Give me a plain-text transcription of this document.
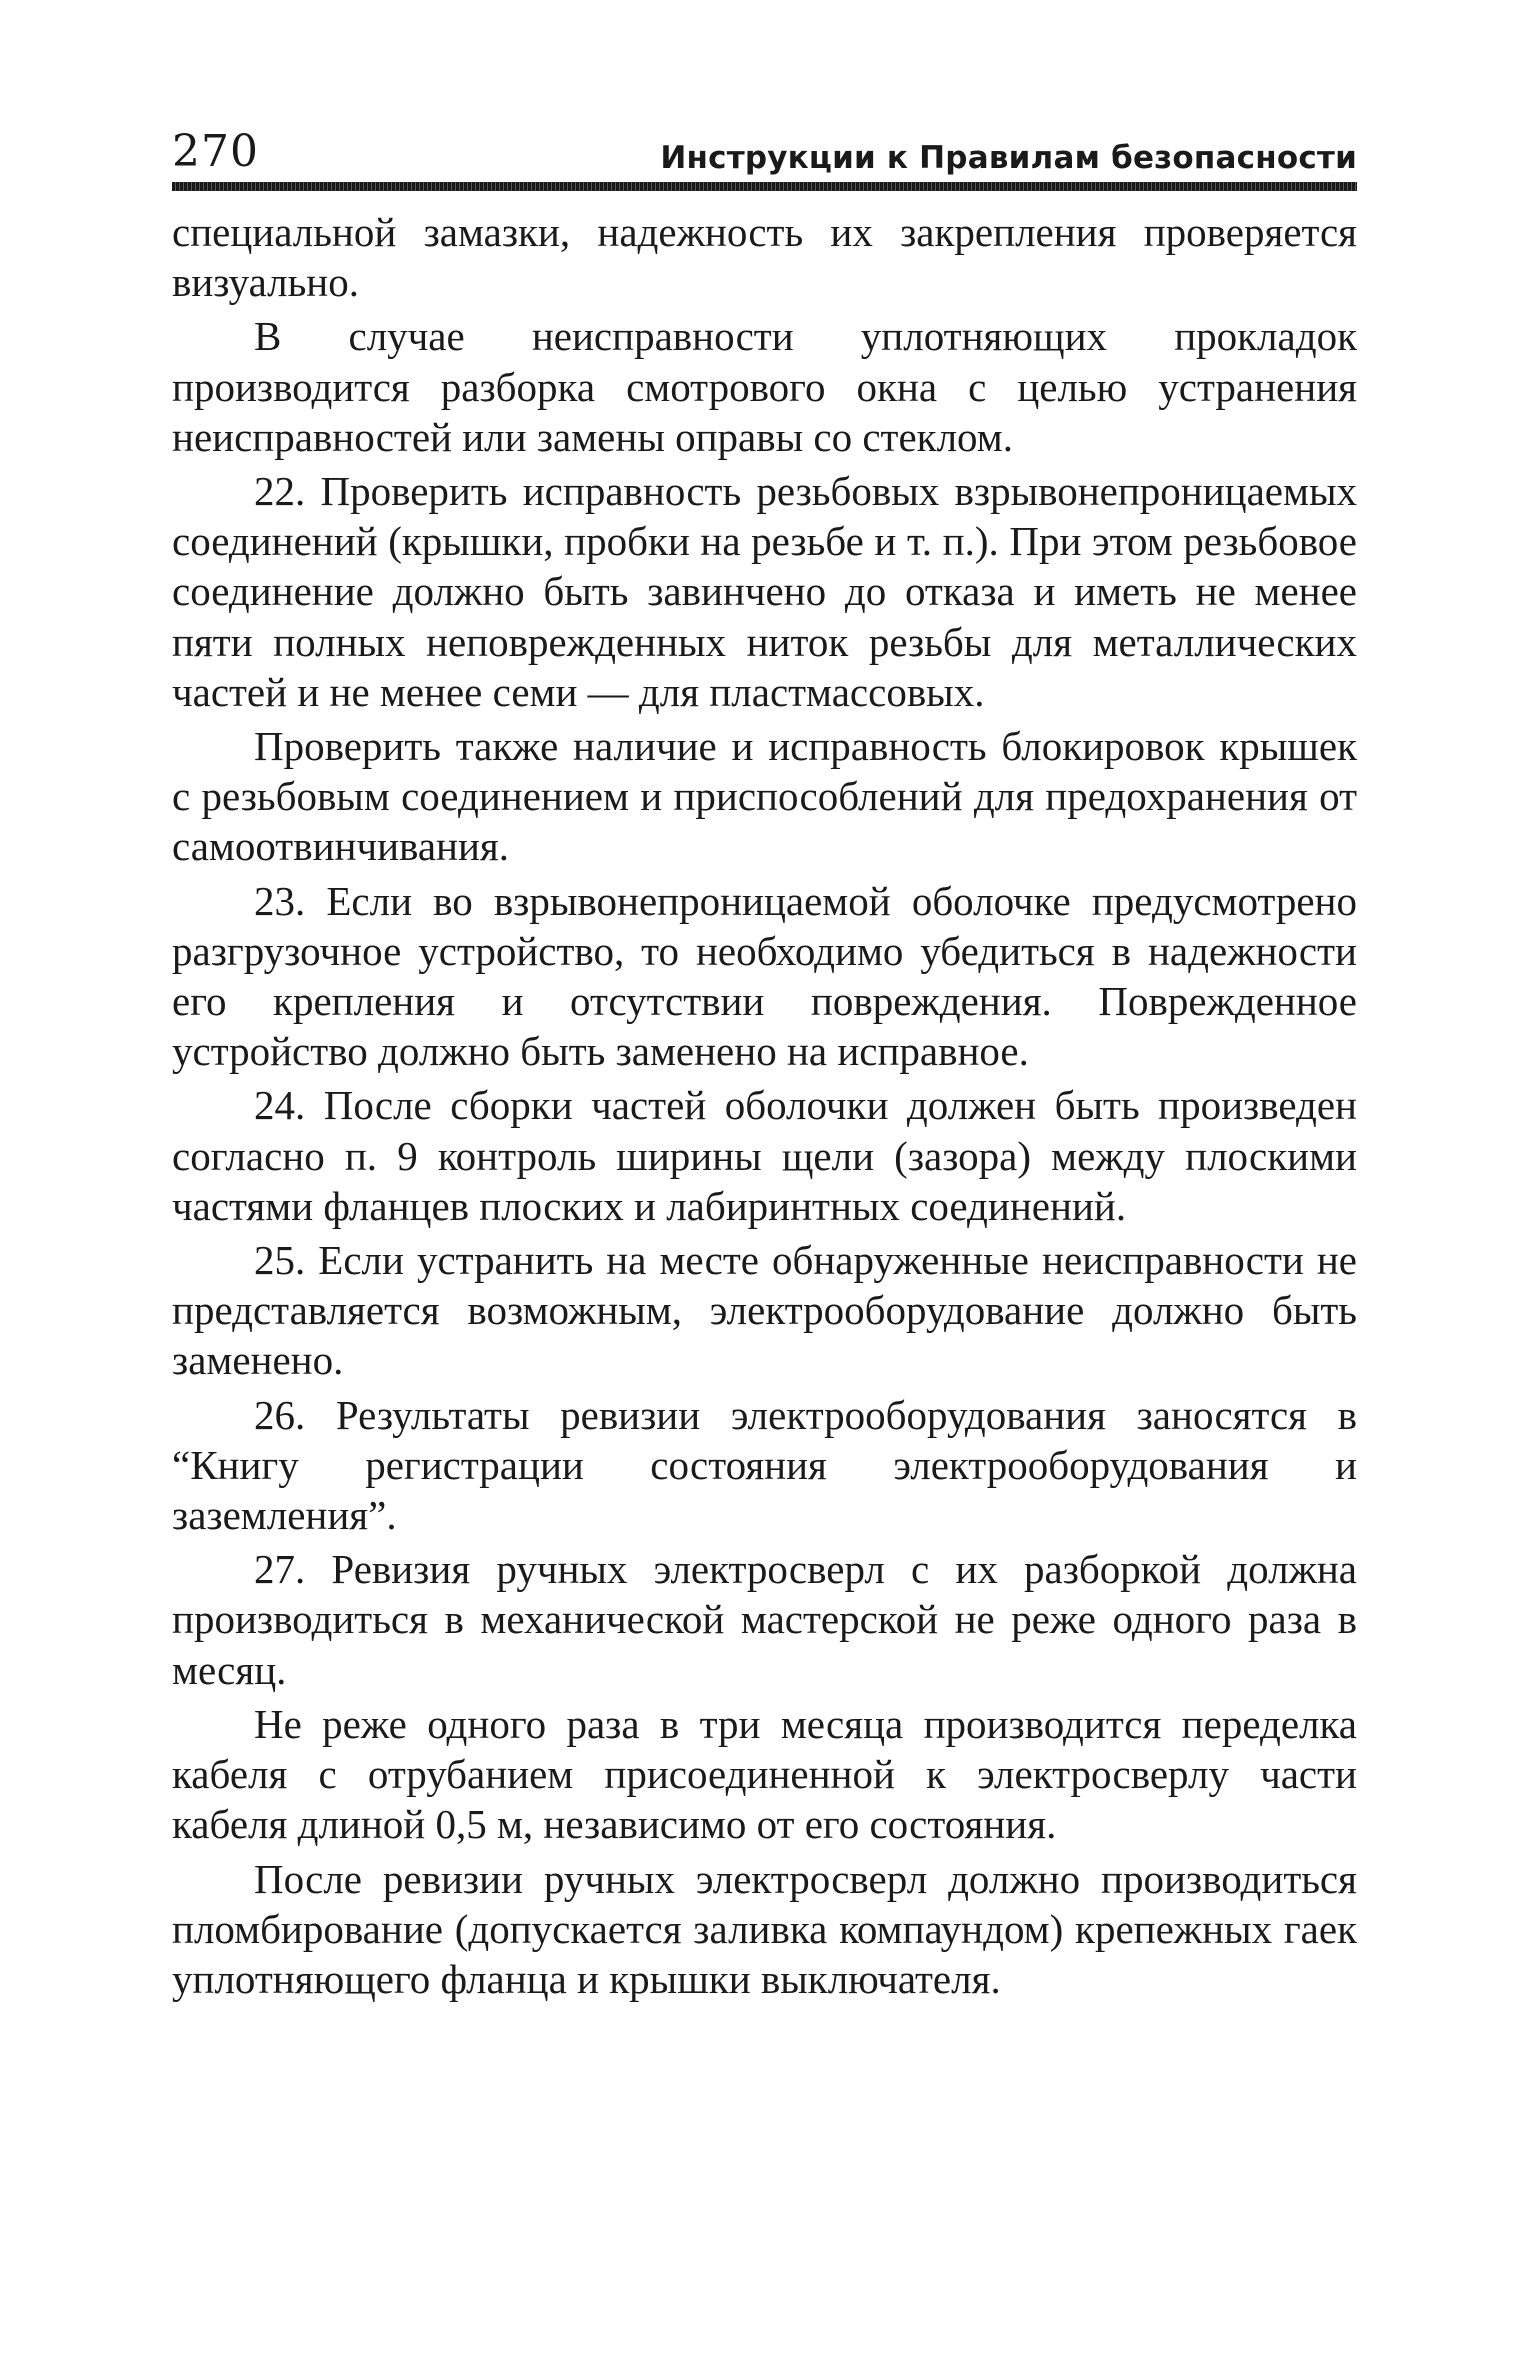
270	Инструкции к Правилам безопасности

специальной замазки, надежность их закрепления проверяется визуально.

В случае неисправности уплотняющих прокладок производится разборка смотрового окна с целью устранения неисправностей или замены оправы со стеклом.

22. Проверить исправность резьбовых взрывонепроницаемых соединений (крышки, пробки на резьбе и т. п.). При этом резьбовое соединение должно быть завинчено до отказа и иметь не менее пяти полных неповрежденных ниток резьбы для металлических частей и не менее семи — для пластмассовых.

Проверить также наличие и исправность блокировок крышек с резьбовым соединением и приспособлений для предохранения от самоотвинчивания.

23. Если во взрывонепроницаемой оболочке предусмотрено разгрузочное устройство, то необходимо убедиться в надежности его крепления и отсутствии повреждения. Поврежденное устройство должно быть заменено на исправное.

24. После сборки частей оболочки должен быть произведен согласно п. 9 контроль ширины щели (зазора) между плоскими частями фланцев плоских и лабиринтных соединений.

25. Если устранить на месте обнаруженные неисправности не представляется возможным, электрооборудование должно быть заменено.

26. Результаты ревизии электрооборудования заносятся в “Книгу регистрации состояния электрооборудования и заземления”.

27. Ревизия ручных электросверл с их разборкой должна производиться в механической мастерской не реже одного раза в месяц.

Не реже одного раза в три месяца производится переделка кабеля с отрубанием присоединенной к электросверлу части кабеля длиной 0,5 м, независимо от его состояния.

После ревизии ручных электросверл должно производиться пломбирование (допускается заливка компаундом) крепежных гаек уплотняющего фланца и крышки выключателя.
